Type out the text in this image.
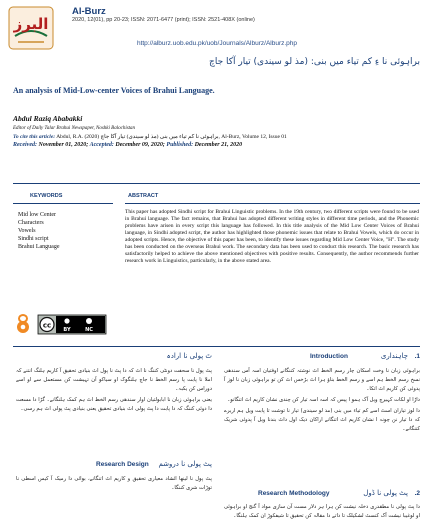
البرز
Al-Burz
2020, 12(01), pp 20-23; ISSN: 2071-6477 (print); ISSN: 2521-408X (online)
http://alburz.uob.edu.pk/uob/Journals/Alburz/Alburz.php
براہوئی نا ءِ کم تیاء میں بنی: (مذ لو سیندی) تیار آکا جاچ
An analysis of Mid-Low-center Voices of Brahui Language.
Abdul Raziq Ababakki
Editor of Daily Talar Brahui Newspaper, Noshki Balochistan
To cite this article: Abdul, R.A. (2020) براہوئی نا کم تیاء میں بنی (مذ لو سیندی) تیار آکا جاچ, Al-Burz, Volume 12, Issue 01
Received: November 01, 2020; Accepted: December 09, 2020; Published: December 21, 2020
KEYWORDS	ABSTRACT
Mid low Center
Characters
Vowels
Sindhi script
Brahui Language
This paper has adopted Sindhi script for Brahui Linguistic problems. In the 19th century, two different scripts were found to be used in Brahui language. The fact remains, that Brahui has adopted different writing styles in different time periods, and the Phonemic problems have arisen in every script this language has followed. In this title analysis of the Mid Low Center Voices of Brahui language, in Sindhi adopted script, the author has highlighted those phonemic issues that relate to Brahui Vowels, which do occur in adopted scripts. Hence, the objective of this paper has been, to identify these issues regarding Mid Low Center Voice, "H". The study has been conducted on the overseas Brahui work. The secondary data has been used to conduct this research. The basic research has satisfactorily helped to achieve the above mentioned objectives with positive results. Consequently, the author recommends further research work in Linguistics, particularly, in the above stated area.
cc
BY	NC
1.
چاہنداری
Introduction

براہوئی زبان نا وخت اسکان چار رسم الخط اٹ نوشتہ کننگانے اوفتیان اسہ آس سندھی نسخ رسم الخط ہم اسے و رسم الخط بناؤ ہرا اٹ بڑخس اٹ کن تو براہوئی زبان نا لوز آ پدوئی کن کاریم اٹ اتکا۔

داڑا او لکات کہیرچ ویل آک ہمو ا پیس کہ اسہ اسہ تیار کن چندی نشان کاریم اٹ اتنگانو۔

دا لوز تیاران اسٹ اسے کم تیاء میں بنی (مذ لو سیندی) تیار نا توشت تا پابت ویل ہم اریرے کہ دا تیار نن چونہ ا نشان کاریم اٹ اتنگانے اراکان ذیک اول داٹ بندنا ویل آ پدوئی شریک کننگانے۔

2.
پٹ پولی نا ڈول
Research Methodology

دا پٹ پولی نا مطقدری ذخلہ نیشت کن ہرا ہر دلار مست آن سازی مواد آ گنج او براہوئی او لوغیبا نیشت آک کنسٹ لشکیلک تا داتے دا مقالہ کن تحقیق تا شیفکوڑ ان کمک ہلنگا۔

ٹ پولی نا ارادہ

پٹ پول نا سحفت دونٹی کننگ نا اٹ کہ دا پٹ نا پول اٹ بنیادی تحقیق آ کاریم ہلنگ انتنے کہ املا نا پابت پا رسم الخط نا جاچ ہلنگوک او سیاکو آن تہیشت کن مستعمل سے او اسے دوراس کن یکبہ۔

یعنی براہوئی زبان نا ابابولتیان اوار سندھی رسم الخط اٹ ہم کمک ہلنگانے۔ گڑا دا مسعت دا دوئی کننگ کہ دا پابت دا پٹ پولی اٹ بنیادی تحقیق یعنی بنیادی پٹ پولی اٹ ہم رسی۔

پٹ پولی نا دروشم
Research Design

پٹ پول نا لینھا ائشاد معیاری تحقیق و کاریم اٹ اتنگانے، بوائی دا رمیک آ کیس اسطی نا توڑات شری کننگا۔
